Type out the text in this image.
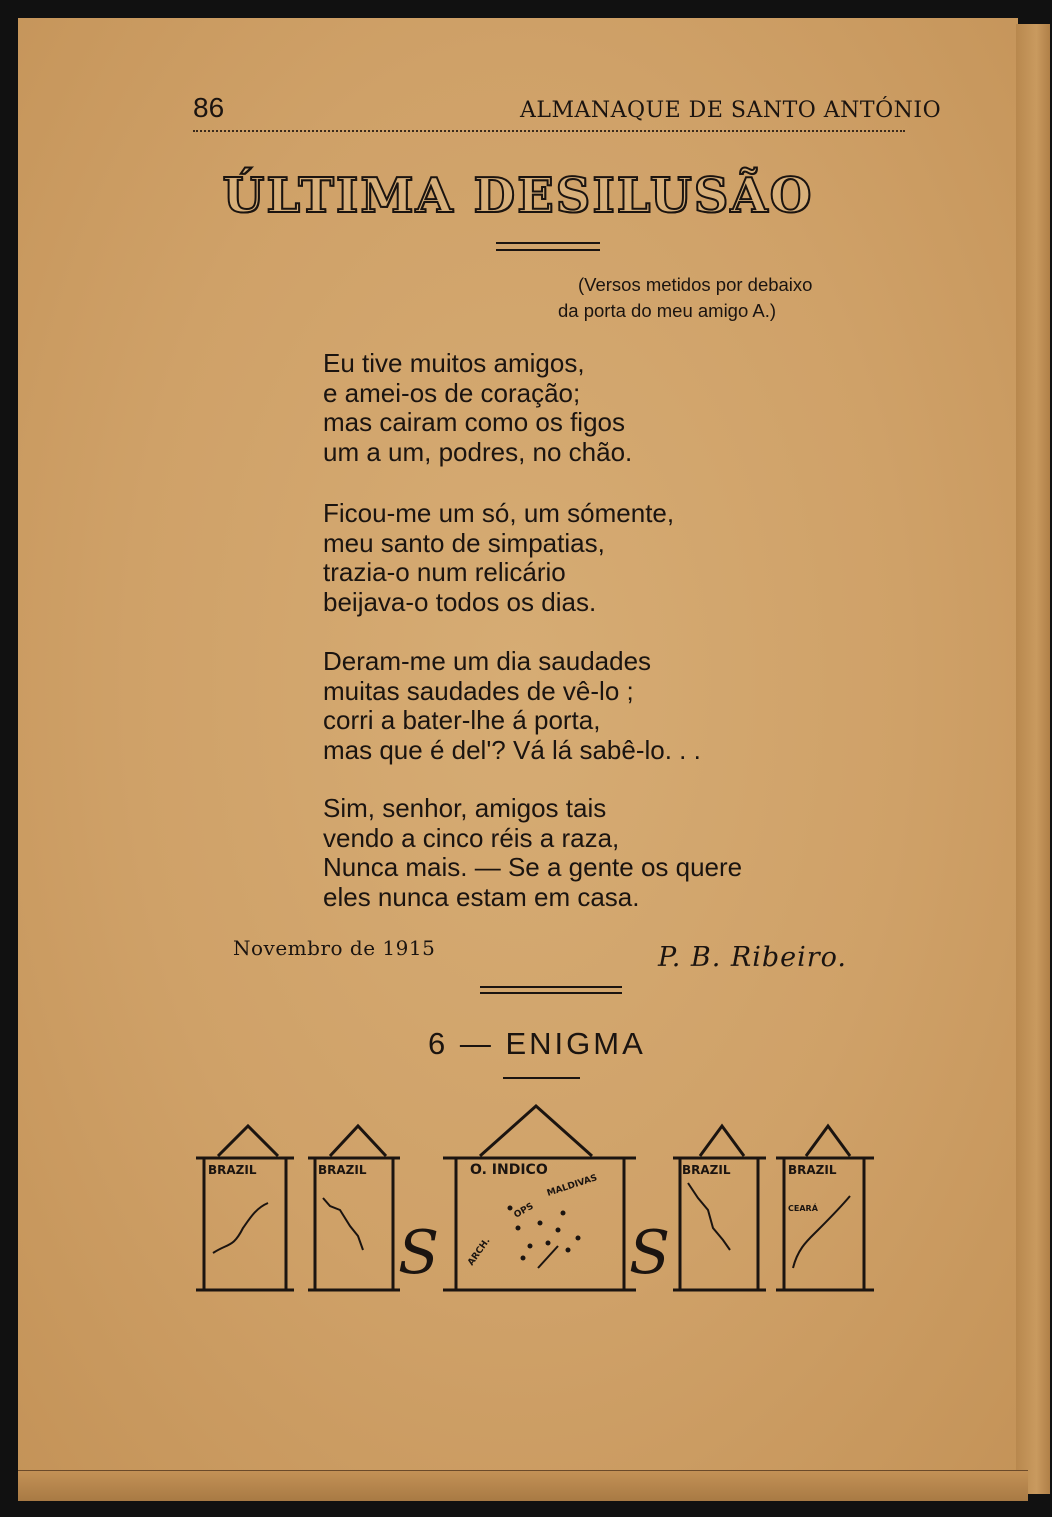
86	ALMANAQUE DE SANTO ANTÓNIO
ÚLTIMA DESILUSÃO
(Versos metidos por debaixo
da porta do meu amigo A.)
Eu tive muitos amigos,
e amei-os de coração;
mas cairam como os figos
um a um, podres, no chão.
Ficou-me um só, um sómente,
meu santo de simpatias,
trazia-o num relicário
beijava-o todos os dias.
Deram-me um dia saudades
muitas saudades de vê-lo ;
corri a bater-lhe á porta,
mas que é del'? Vá lá sabê-lo. . .
Sim, senhor, amigos tais
vendo a cinco réis a raza,
Nunca mais. — Se a gente os quere
eles nunca estam em casa.
Novembro de 1915	P. B. Ribeiro.
6 — ENIGMA
BRAZIL	BRAZIL	O. INDICO	BRAZIL	BRAZIL
MALDIVAS
OPS
ARCH.
CEARÁ
S	S
